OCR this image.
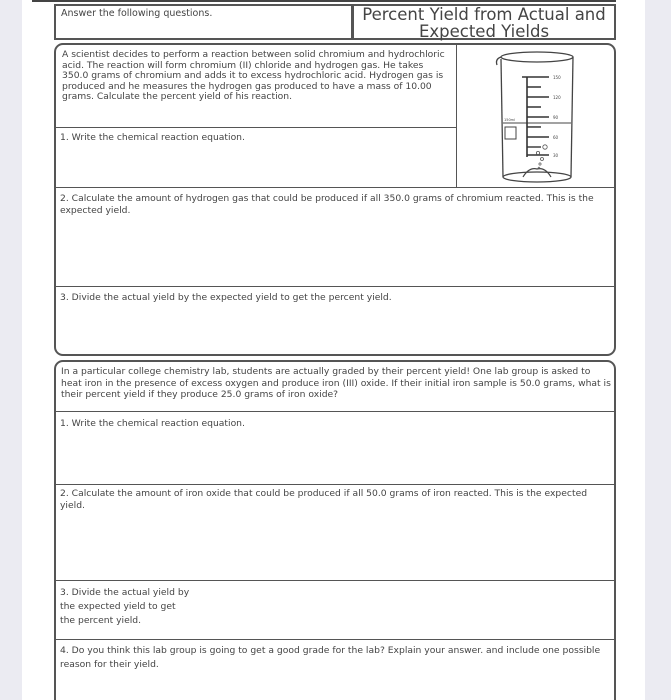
Answer the following questions.	Percent Yield from Actual and
Expected Yields
A scientist decides to perform a reaction between solid chromium and hydrochloric acid. The reaction will form chromium (II) chloride and hydrogen gas. He takes 350.0 grams of chromium and adds it to excess hydrochloric acid. Hydrogen gas is produced and he measures the hydrogen gas produced to have a mass of 10.00 grams. Calculate the percent yield of his reaction.
1. Write the chemical reaction equation.
150
120
90
60
30
150ml
2. Calculate the amount of hydrogen gas that could be produced if all 350.0 grams of chromium reacted. This is the expected yield.
3. Divide the actual yield by the expected yield to get the percent yield.
In a particular college chemistry lab, students are actually graded by their percent yield! One lab group is asked to heat iron in the presence of excess oxygen and produce iron (III) oxide. If their initial iron sample is 50.0 grams, what is their percent yield if they produce 25.0 grams of iron oxide?
1. Write the chemical reaction equation.
2. Calculate the amount of iron oxide that could be produced if all 50.0 grams of iron reacted. This is the expected yield.
3. Divide the actual yield by
the expected yield to get
the percent yield.
4. Do you think this lab group is going to get a good grade for the lab? Explain your answer. and include one possible reason for their yield.
